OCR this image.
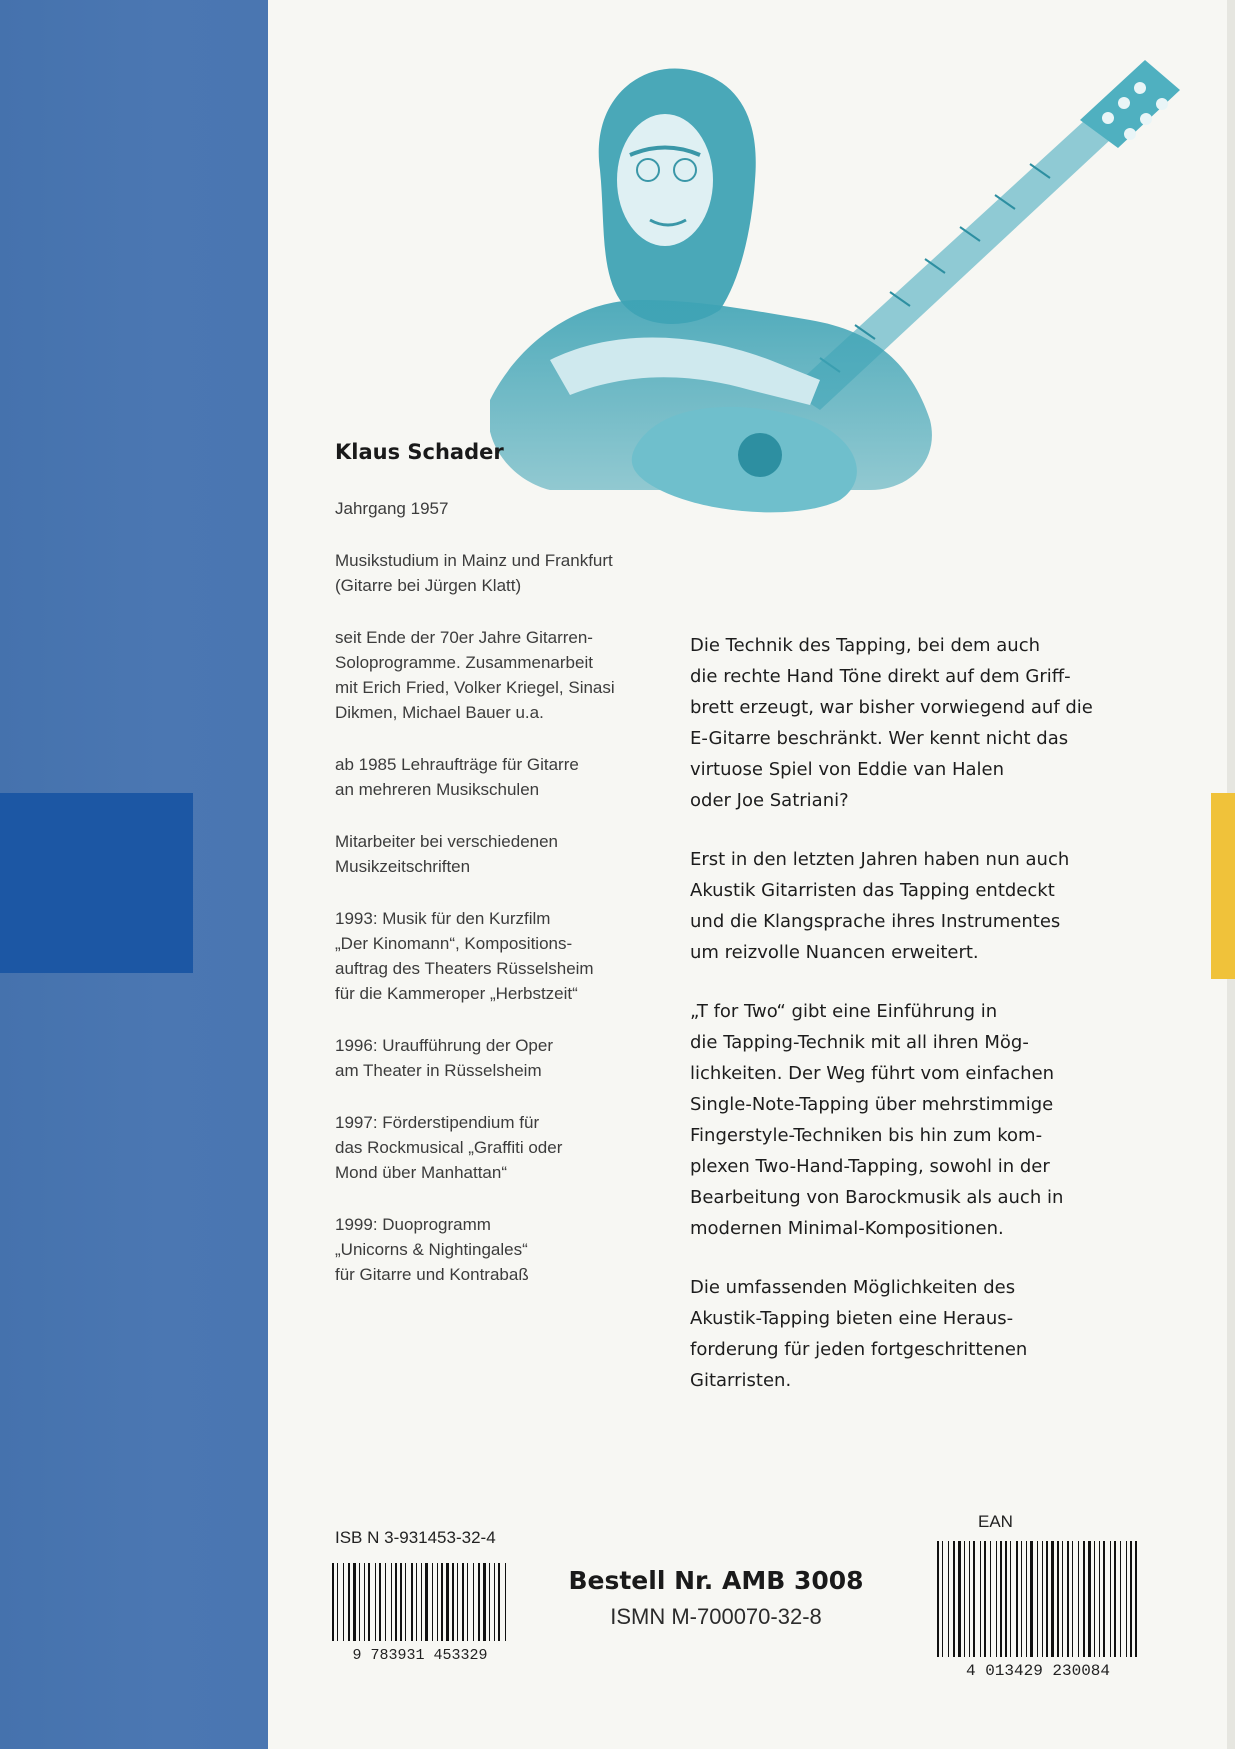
Klaus Schader

Jahrgang 1957

Musikstudium in Mainz und Frankfurt
(Gitarre bei Jürgen Klatt)

seit Ende der 70er Jahre Gitarren-
Soloprogramme. Zusammenarbeit
mit Erich Fried, Volker Kriegel, Sinasi
Dikmen, Michael Bauer u.a.

ab 1985 Lehraufträge für Gitarre
an mehreren Musikschulen

Mitarbeiter bei verschiedenen
Musikzeitschriften

1993: Musik für den Kurzfilm
„Der Kinomann“, Kompositions-
auftrag des Theaters Rüsselsheim
für die Kammeroper „Herbstzeit“

1996: Uraufführung der Oper
am Theater in Rüsselsheim

1997: Förderstipendium für
das Rockmusical „Graffiti oder
Mond über Manhattan“

1999: Duoprogramm
„Unicorns & Nightingales“
für Gitarre und Kontrabaß

Die Technik des Tapping, bei dem auch
die rechte Hand Töne direkt auf dem Griff-
brett erzeugt, war bisher vorwiegend auf die
E-Gitarre beschränkt. Wer kennt nicht das
virtuose Spiel von Eddie van Halen
oder Joe Satriani?

Erst in den letzten Jahren haben nun auch
Akustik Gitarristen das Tapping entdeckt
und die Klangsprache ihres Instrumentes
um reizvolle Nuancen erweitert.

„T for Two“ gibt eine Einführung in
die Tapping-Technik mit all ihren Mög-
lichkeiten. Der Weg führt vom einfachen
Single-Note-Tapping über mehrstimmige
Fingerstyle-Techniken bis hin zum kom-
plexen Two-Hand-Tapping, sowohl in der
Bearbeitung von Barockmusik als auch in
modernen Minimal-Kompositionen.

Die umfassenden Möglichkeiten des
Akustik-Tapping bieten eine Heraus-
forderung für jeden fortgeschrittenen
Gitarristen.

ISB N 3-931453-32-4
9 783931 453329
Bestell Nr. AMB 3008
ISMN M-700070-32-8
EAN
4 013429 230084
